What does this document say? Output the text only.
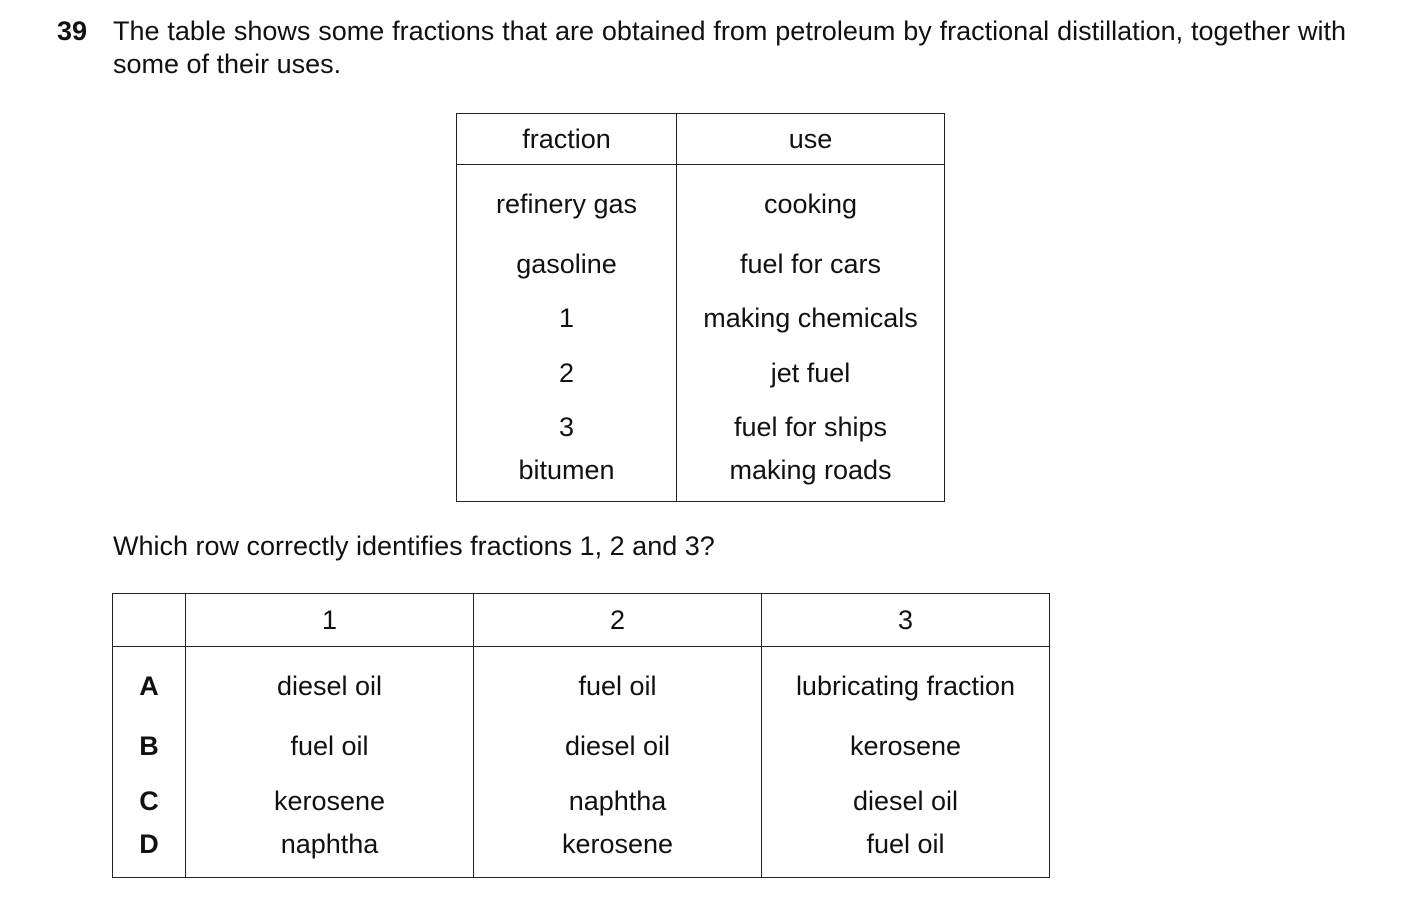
39 The table shows some fractions that are obtained from petroleum by fractional distillation, together with some of their uses.
fraction	use
refinery gas	cooking
gasoline	fuel for cars
1	making chemicals
2	jet fuel
3	fuel for ships
bitumen	making roads
Which row correctly identifies fractions 1, 2 and 3?
	1	2	3
A	diesel oil	fuel oil	lubricating fraction
B	fuel oil	diesel oil	kerosene
C	kerosene	naphtha	diesel oil
D	naphtha	kerosene	fuel oil
